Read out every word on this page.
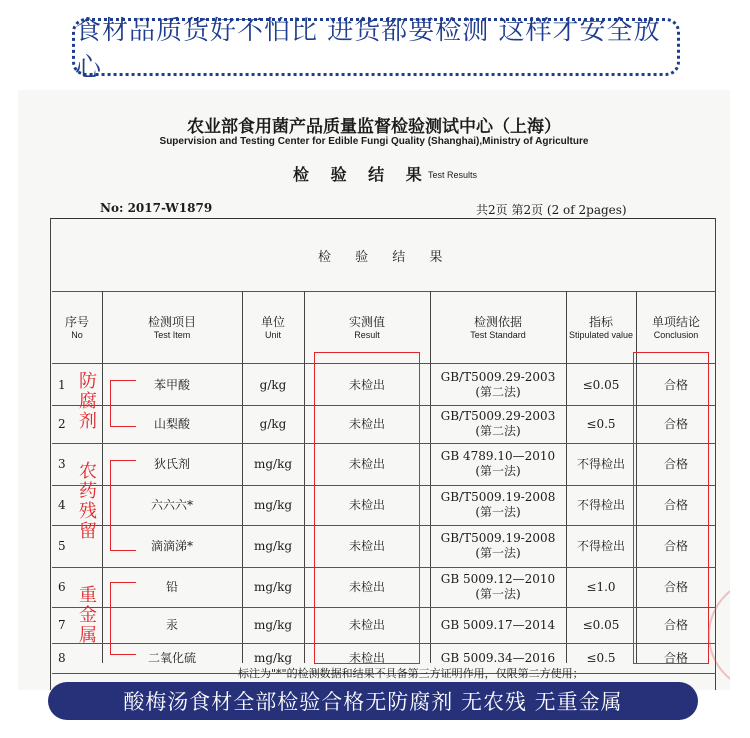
食材品质货好不怕比 进货都要检测 这样才安全放心
农业部食用菌产品质量监督检验测试中心（上海）
Supervision and Testing Center for Edible Fungi Quality (Shanghai),Ministry of Agriculture
检 验 结 果
Test Results
No: 2017-W1879	共2页 第2页 (2 of 2pages)
检 验 结 果
序号
No
检测项目
Test Item
单位
Unit
实测值
Result
检测依据
Test Standard
指标
Stipulated value
单项结论
Conclusion
1	苯甲酸	g/kg	未检出
GB/T5009.29-2003
(第二法)
≤0.05	合格
2	山梨酸	g/kg	未检出
GB/T5009.29-2003
(第二法)
≤0.5	合格
3	狄氏剂	mg/kg	未检出
GB 4789.10—2010
(第一法)
不得检出	合格
4	六六六*	mg/kg	未检出
GB/T5009.19-2008
(第一法)
不得检出	合格
5	滴滴涕*	mg/kg	未检出
GB/T5009.19-2008
(第一法)
不得检出	合格
6	铅	mg/kg	未检出
GB 5009.12—2010
(第一法)
≤1.0	合格
7	汞	mg/kg	未检出	GB 5009.17—2014 ≤0.05	合格
8	二氧化硫	mg/kg	未检出	GB 5009.34—2016	≤0.5	合格
防腐剂
农药残留
重金属
标注为"*"的检测数据和结果不具备第三方证明作用，仅限第二方使用；
酸梅汤食材全部检验合格无防腐剂 无农残 无重金属
